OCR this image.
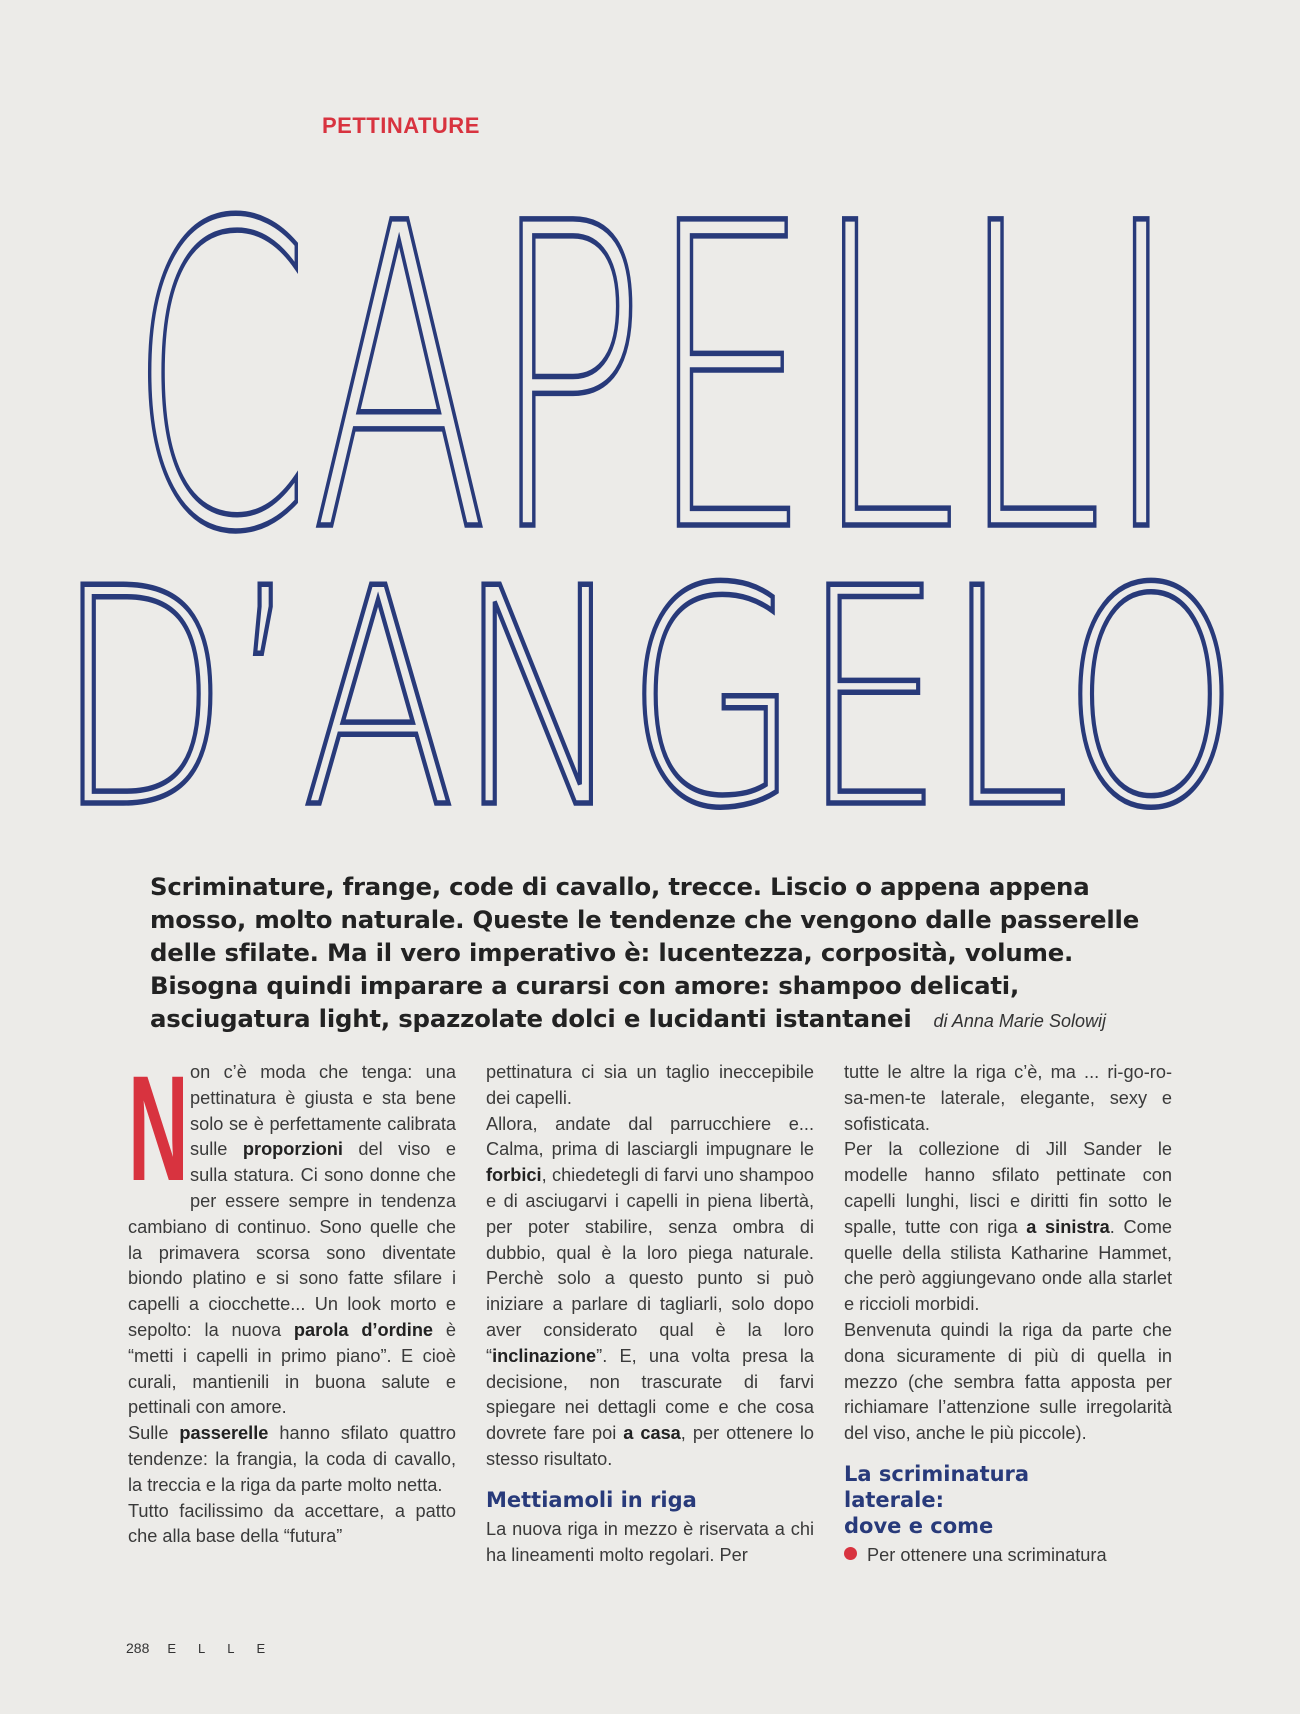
PETTINATURE
CAPELLI
D’ANGELO
Scriminature, frange, code di cavallo, trecce. Liscio o appena appena mosso, molto naturale. Queste le tendenze che vengono dalle passerelle delle sfilate. Ma il vero imperativo è: lucentezza, corposità, volume. Bisogna quindi imparare a curarsi con amore: shampoo delicati, asciugatura light, spazzolate dolci e lucidanti istantanei di Anna Marie Solowij

N on c’è moda che tenga: una pettinatura è giusta e sta bene solo se è perfettamente calibrata sulle proporzioni del viso e sulla statura. Ci sono donne che per essere sempre in tendenza cambiano di continuo. Sono quelle che la primavera scorsa sono diventate biondo platino e si sono fatte sfilare i capelli a ciocchette... Un look morto e sepolto: la nuova parola d’ordine è “metti i capelli in primo piano”. E cioè curali, mantienili in buona salute e pettinali con amore.

Sulle passerelle hanno sfilato quattro tendenze: la frangia, la coda di cavallo, la treccia e la riga da parte molto netta.

Tutto facilissimo da accettare, a patto che alla base della “futura”

pettinatura ci sia un taglio ineccepibile dei capelli.

Allora, andate dal parrucchiere e... Calma, prima di lasciargli impugnare le forbici, chiedetegli di farvi uno shampoo e di asciugarvi i capelli in piena libertà, per poter stabilire, senza ombra di dubbio, qual è la loro piega naturale. Perchè solo a questo punto si può iniziare a parlare di tagliarli, solo dopo aver considerato qual è la loro “inclinazione”. E, una volta presa la decisione, non trascurate di farvi spiegare nei dettagli come e che cosa dovrete fare poi a casa, per ottenere lo stesso risultato.

Mettiamoli in riga

La nuova riga in mezzo è riservata a chi ha lineamenti molto regolari. Per

tutte le altre la riga c’è, ma ... ri-go-ro-sa-men-te laterale, elegante, sexy e sofisticata.

Per la collezione di Jill Sander le modelle hanno sfilato pettinate con capelli lunghi, lisci e diritti fin sotto le spalle, tutte con riga a sinistra. Come quelle della stilista Katharine Hammet, che però aggiungevano onde alla starlet e riccioli morbidi.

Benvenuta quindi la riga da parte che dona sicuramente di più di quella in mezzo (che sembra fatta apposta per richiamare l’attenzione sulle irregolarità del viso, anche le più piccole).

La scriminatura
laterale:
dove e come

Per ottenere una scriminatura

288 ELLE
